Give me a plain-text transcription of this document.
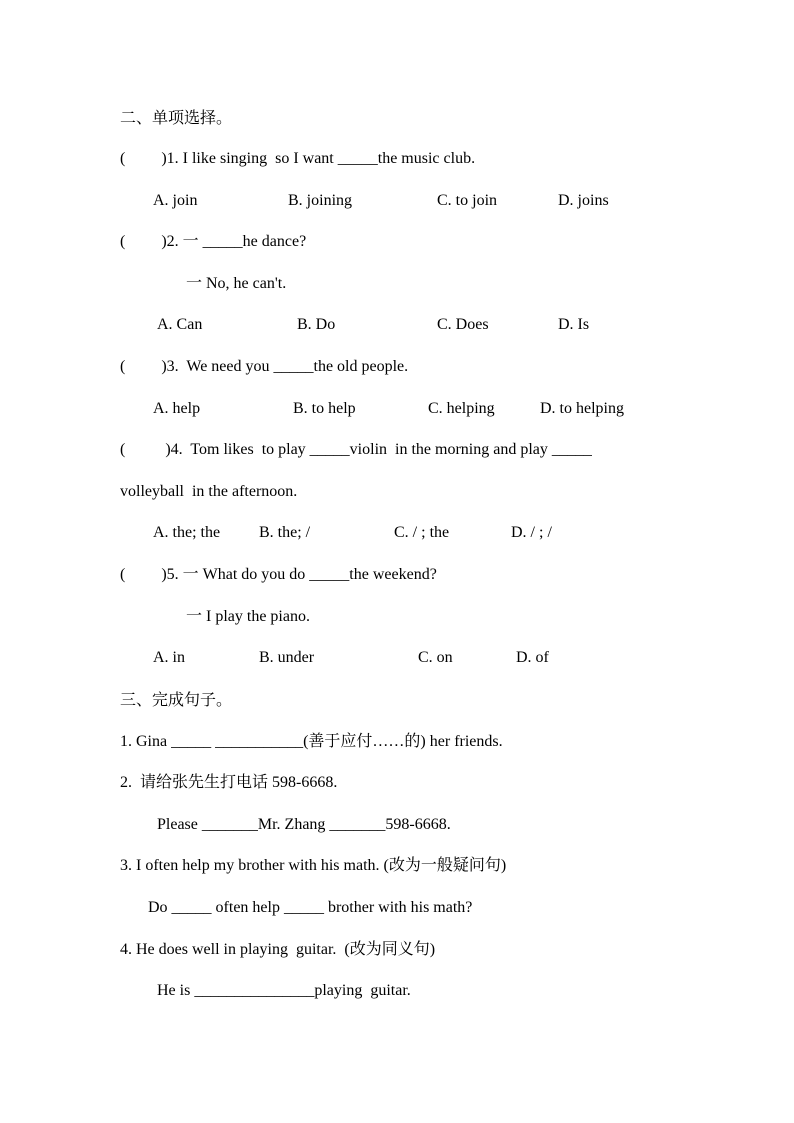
二、单项选择。
(         )1. I like singing  so I want _____the music club.
A. join	B. joining	C. to join	D. joins
(         )2. 一 _____he dance?
一 No, he can't.
A. Can	B. Do	C. Does	D. Is
(         )3.  We need you _____the old people.
A. help	B. to help	C. helping	D. to helping
(          )4.  Tom likes  to play _____violin  in the morning and play _____
volleyball  in the afternoon.
A. the; the B. the; /	C. / ; the	D. / ; /
(         )5. 一 What do you do _____the weekend?
一 I play the piano.
A. in	B. under	C. on	D. of
三、完成句子。
1. Gina _____ ___________(善于应付……的) her friends.
2.  请给张先生打电话 598-6668.
Please _______Mr. Zhang _______598-6668.
3. I often help my brother with his math. (改为一般疑问句)
Do _____ often help _____ brother with his math?
4. He does well in playing  guitar.  (改为同义句)
He is _______________playing  guitar.
